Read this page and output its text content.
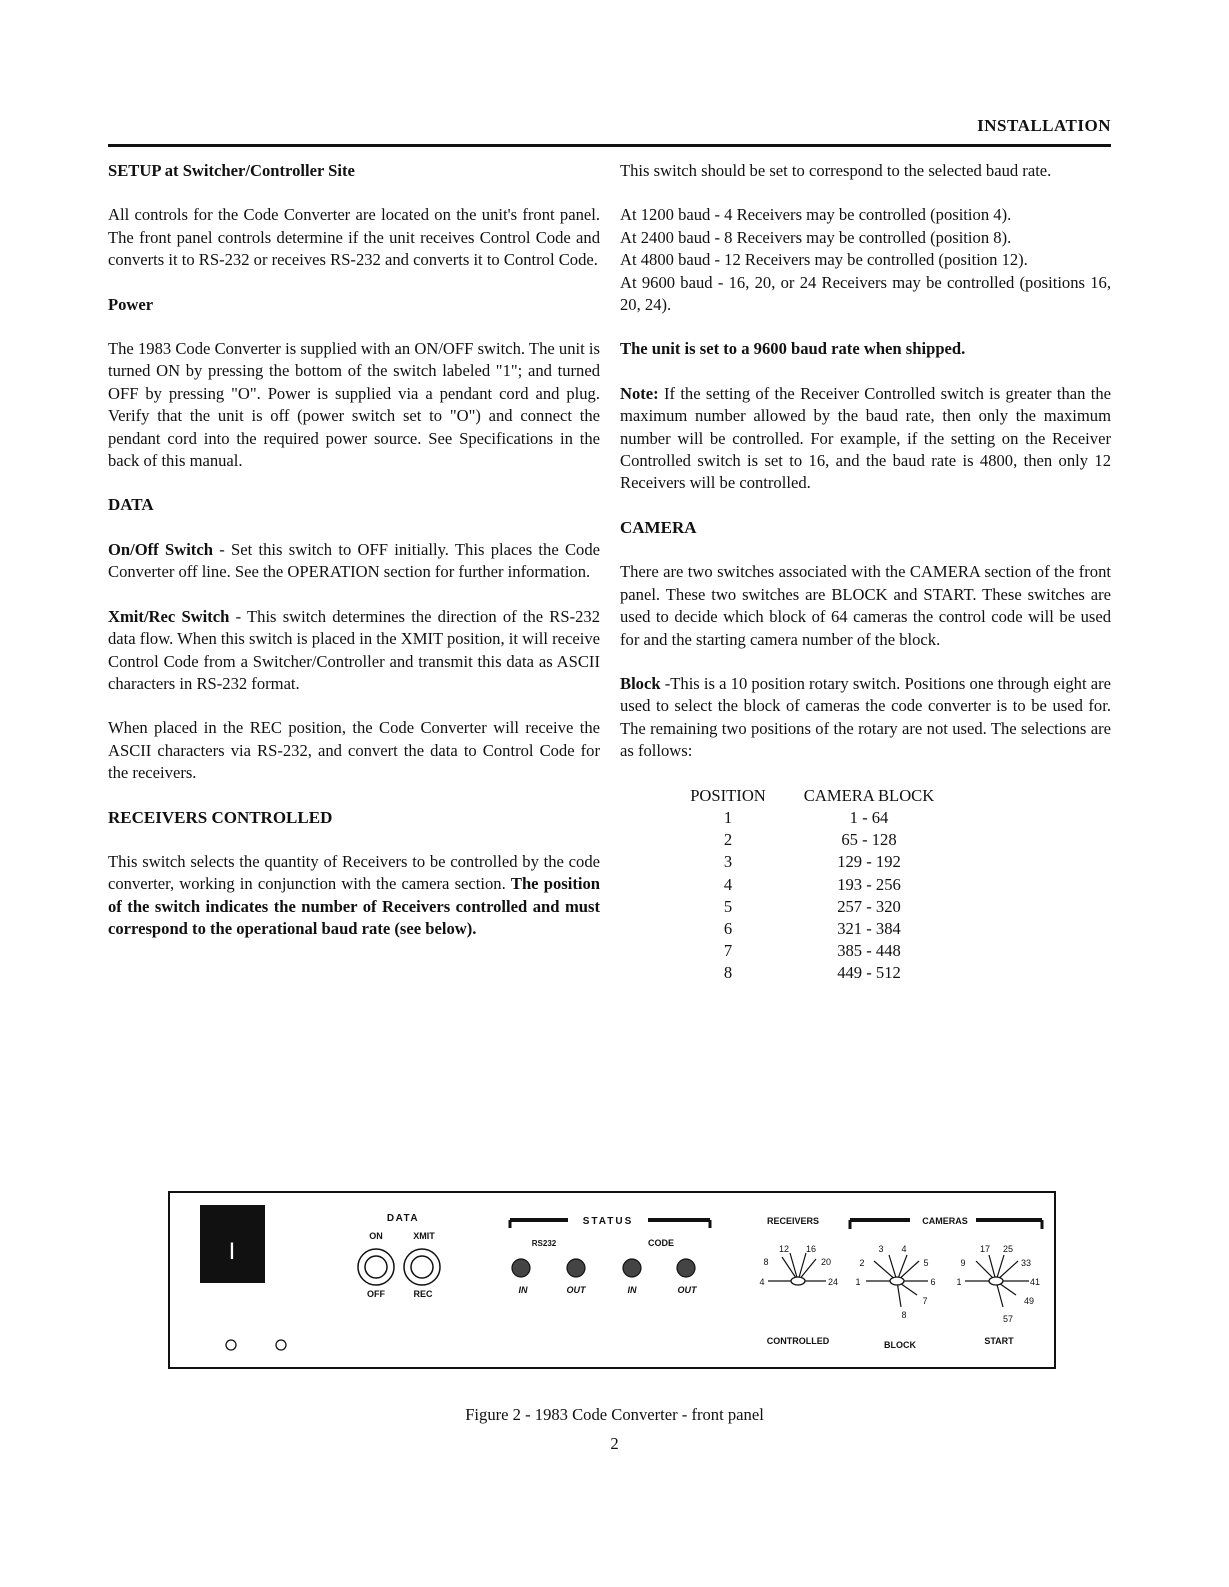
INSTALLATION
SETUP at Switcher/Controller Site

All controls for the Code Converter are located on the unit's front panel. The front panel controls determine if the unit receives Control Code and converts it to RS-232 or receives RS-232 and converts it to Control Code.

Power

The 1983 Code Converter is supplied with an ON/OFF switch. The unit is turned ON by pressing the bottom of the switch labeled "1"; and turned OFF by pressing "O". Power is supplied via a pendant cord and plug. Verify that the unit is off (power switch set to "O") and connect the pendant cord into the required power source. See Specifications in the back of this manual.

DATA

On/Off Switch - Set this switch to OFF initially. This places the Code Converter off line. See the OPERATION section for further information.

Xmit/Rec Switch - This switch determines the direction of the RS-232 data flow. When this switch is placed in the XMIT position, it will receive Control Code from a Switcher/Controller and transmit this data as ASCII characters in RS-232 format.

When placed in the REC position, the Code Converter will receive the ASCII characters via RS-232, and convert the data to Control Code for the receivers.

RECEIVERS CONTROLLED

This switch selects the quantity of Receivers to be controlled by the code converter, working in conjunction with the camera section. The position of the switch indicates the number of Receivers controlled and must correspond to the operational baud rate (see below).

This switch should be set to correspond to the selected baud rate.

At 1200 baud - 4 Receivers may be controlled (position 4).
At 2400 baud - 8 Receivers may be controlled (position 8).
At 4800 baud - 12 Receivers may be controlled (position 12).
At 9600 baud - 16, 20, or 24 Receivers may be controlled (positions 16, 20, 24).

The unit is set to a 9600 baud rate when shipped.

Note: If the setting of the Receiver Controlled switch is greater than the maximum number allowed by the baud rate, then only the maximum number will be controlled. For example, if the setting on the Receiver Controlled switch is set to 16, and the baud rate is 4800, then only 12 Receivers will be controlled.

CAMERA

There are two switches associated with the CAMERA section of the front panel. These two switches are BLOCK and START. These switches are used to decide which block of 64 cameras the control code will be used for and the starting camera number of the block.

Block -This is a 10 position rotary switch. Positions one through eight are used to select the block of cameras the code converter is to be used for. The remaining two positions of the rotary are not used. The selections are as follows:

POSITION	CAMERA BLOCK
1	1 - 64
2	65 - 128
3	129 - 192
4	193 - 256
5	257 - 320
6	321 - 384
7	385 - 448
8	449 - 512
I
DATA
ON	XMIT
OFF	REC
STATUS
RS232	CODE
IN	OUT	IN	OUT
RECEIVERS
12 16
8	20
4	24
CONTROLLED
CAMERAS
3 4
2	5
1	6
7
8
BLOCK
17 25
9	33
1	41
49
57
START
Figure 2 - 1983 Code Converter - front panel
2
